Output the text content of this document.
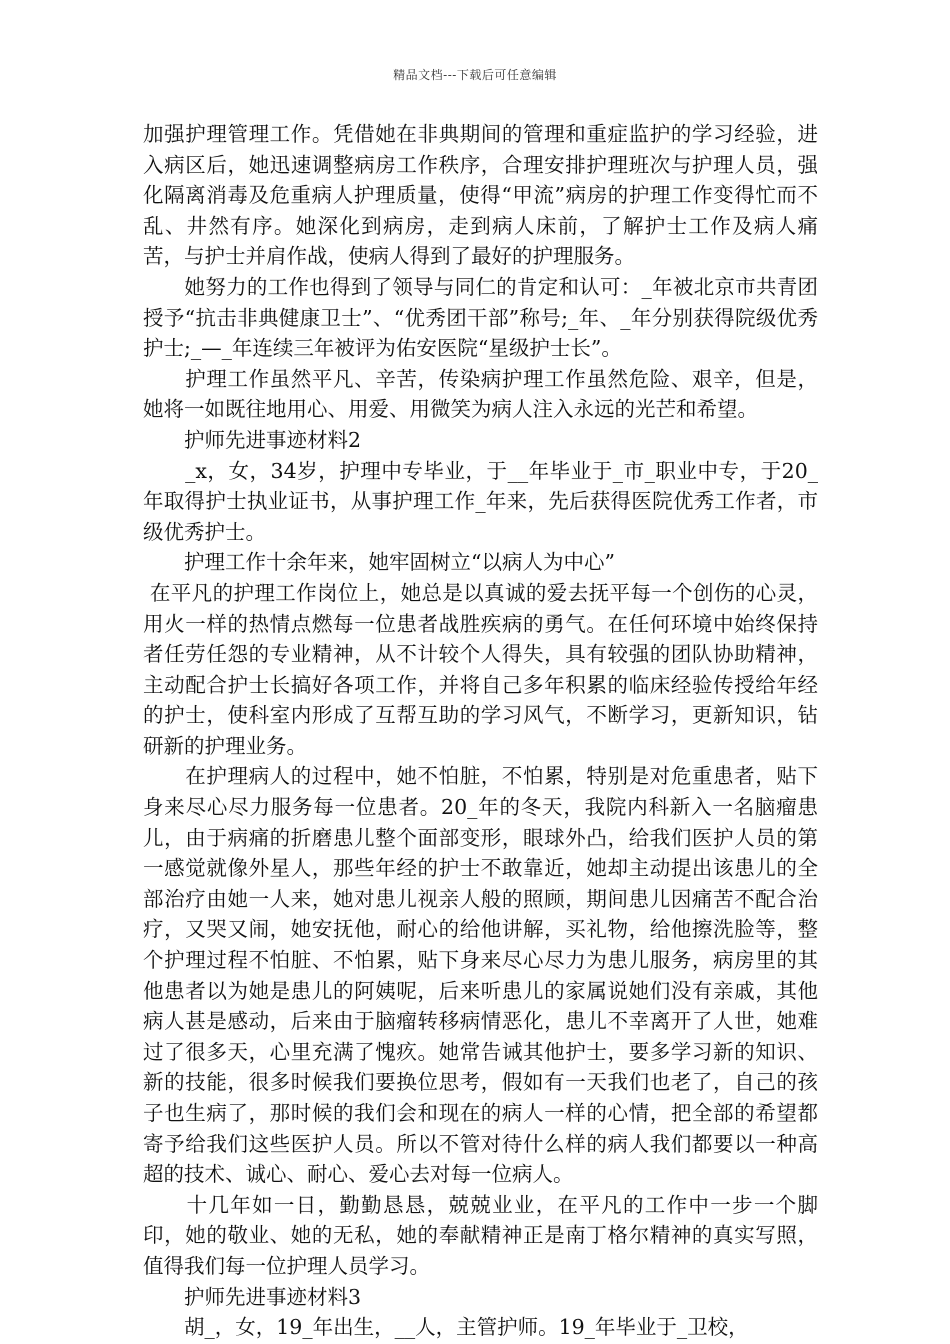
精品文档---下载后可任意编辑

加强护理管理工作。凭借她在非典期间的管理和重症监护的学习经验，进入病区后，她迅速调整病房工作秩序，合理安排护理班次与护理人员，强化隔离消毒及危重病人护理质量，使得“甲流”病房的护理工作变得忙而不乱、井然有序。她深化到病房，走到病人床前，了解护士工作及病人痛苦，与护士并肩作战，使病人得到了最好的护理服务。

　　她努力的工作也得到了领导与同仁的肯定和认可：_年被北京市共青团授予“抗击非典健康卫士”、“优秀团干部”称号;_年、_年分别获得院级优秀护士;_—_年连续三年被评为佑安医院“星级护士长”。

　　护理工作虽然平凡、辛苦，传染病护理工作虽然危险、艰辛，但是，她将一如既往地用心、用爱、用微笑为病人注入永远的光芒和希望。

　　护师先进事迹材料2

　　_x，女，34岁，护理中专毕业，于__年毕业于_市_职业中专，于20_年取得护士执业证书，从事护理工作_年来，先后获得医院优秀工作者，市级优秀护士。

　　护理工作十余年来，她牢固树立“以病人为中心”

在平凡的护理工作岗位上，她总是以真诚的爱去抚平每一个创伤的心灵，用火一样的热情点燃每一位患者战胜疾病的勇气。在任何环境中始终保持者任劳任怨的专业精神，从不计较个人得失，具有较强的团队协助精神，主动配合护士长搞好各项工作，并将自己多年积累的临床经验传授给年经的护士，使科室内形成了互帮互助的学习风气，不断学习，更新知识，钻研新的护理业务。

　　在护理病人的过程中，她不怕脏，不怕累，特别是对危重患者，贴下身来尽心尽力服务每一位患者。20_年的冬天，我院内科新入一名脑瘤患儿，由于病痛的折磨患儿整个面部变形，眼球外凸，给我们医护人员的第一感觉就像外星人，那些年经的护士不敢靠近，她却主动提出该患儿的全部治疗由她一人来，她对患儿视亲人般的照顾，期间患儿因痛苦不配合治疗，又哭又闹，她安抚他，耐心的给他讲解，买礼物，给他擦洗脸等，整个护理过程不怕脏、不怕累，贴下身来尽心尽力为患儿服务，病房里的其他患者以为她是患儿的阿姨呢，后来听患儿的家属说她们没有亲戚，其他病人甚是感动，后来由于脑瘤转移病情恶化，患儿不幸离开了人世，她难过了很多天，心里充满了愧疚。她常告诫其他护士，要多学习新的知识、新的技能，很多时候我们要换位思考，假如有一天我们也老了，自己的孩子也生病了，那时候的我们会和现在的病人一样的心情，把全部的希望都寄予给我们这些医护人员。所以不管对待什么样的病人我们都要以一种高超的技术、诚心、耐心、爱心去对每一位病人。

　　十几年如一日，勤勤恳恳，兢兢业业，在平凡的工作中一步一个脚印，她的敬业、她的无私，她的奉献精神正是南丁格尔精神的真实写照，值得我们每一位护理人员学习。

　　护师先进事迹材料3

　　胡_，女，19_年出生，__人，主管护师。19_年毕业于_卫校，
